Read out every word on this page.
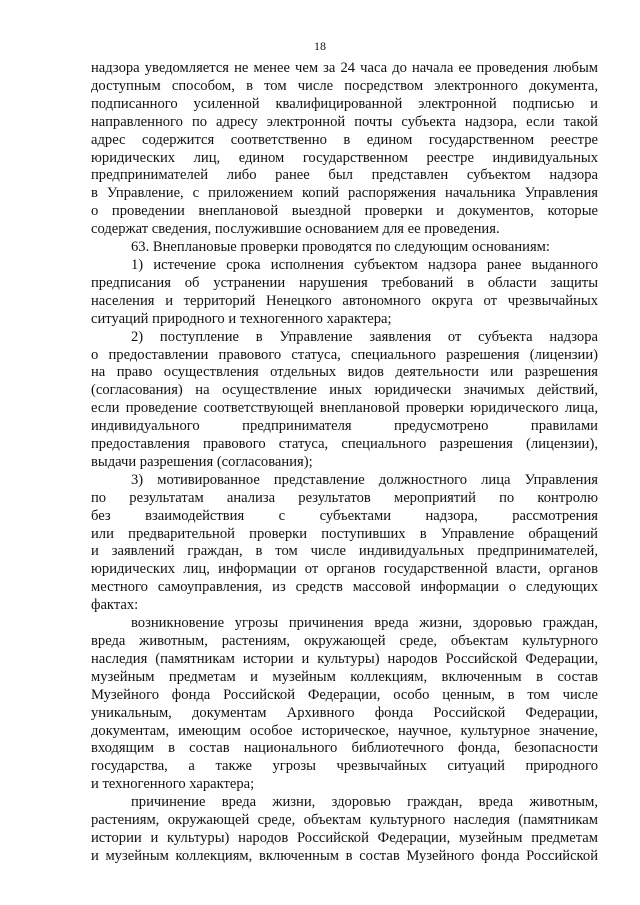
18
надзора уведомляется не менее чем за 24 часа до начала ее проведения любым
доступным способом, в том числе посредством электронного документа,
подписанного усиленной квалифицированной электронной подписью и
направленного по адресу электронной почты субъекта надзора, если такой
адрес содержится соответственно в едином государственном реестре
юридических лиц, едином государственном реестре индивидуальных
предпринимателей либо ранее был представлен субъектом надзора
в Управление, с приложением копий распоряжения начальника Управления
о проведении внеплановой выездной проверки и документов, которые
содержат сведения, послужившие основанием для ее проведения.
63. Внеплановые проверки проводятся по следующим основаниям:
1) истечение срока исполнения субъектом надзора ранее выданного
предписания об устранении нарушения требований в области защиты
населения и территорий Ненецкого автономного округа от чрезвычайных
ситуаций природного и техногенного характера;
2) поступление в Управление заявления от субъекта надзора
о предоставлении правового статуса, специального разрешения (лицензии)
на право осуществления отдельных видов деятельности или разрешения
(согласования) на осуществление иных юридически значимых действий,
если проведение соответствующей внеплановой проверки юридического лица,
индивидуального предпринимателя предусмотрено правилами
предоставления правового статуса, специального разрешения (лицензии),
выдачи разрешения (согласования);
3) мотивированное представление должностного лица Управления
по результатам анализа результатов мероприятий по контролю
без взаимодействия с субъектами надзора, рассмотрения
или предварительной проверки поступивших в Управление обращений
и заявлений граждан, в том числе индивидуальных предпринимателей,
юридических лиц, информации от органов государственной власти, органов
местного самоуправления, из средств массовой информации о следующих
фактах:
возникновение угрозы причинения вреда жизни, здоровью граждан,
вреда животным, растениям, окружающей среде, объектам культурного
наследия (памятникам истории и культуры) народов Российской Федерации,
музейным предметам и музейным коллекциям, включенным в состав
Музейного фонда Российской Федерации, особо ценным, в том числе
уникальным, документам Архивного фонда Российской Федерации,
документам, имеющим особое историческое, научное, культурное значение,
входящим в состав национального библиотечного фонда, безопасности
государства, а также угрозы чрезвычайных ситуаций природного
и техногенного характера;
причинение вреда жизни, здоровью граждан, вреда животным,
растениям, окружающей среде, объектам культурного наследия (памятникам
истории и культуры) народов Российской Федерации, музейным предметам
и музейным коллекциям, включенным в состав Музейного фонда Российской
